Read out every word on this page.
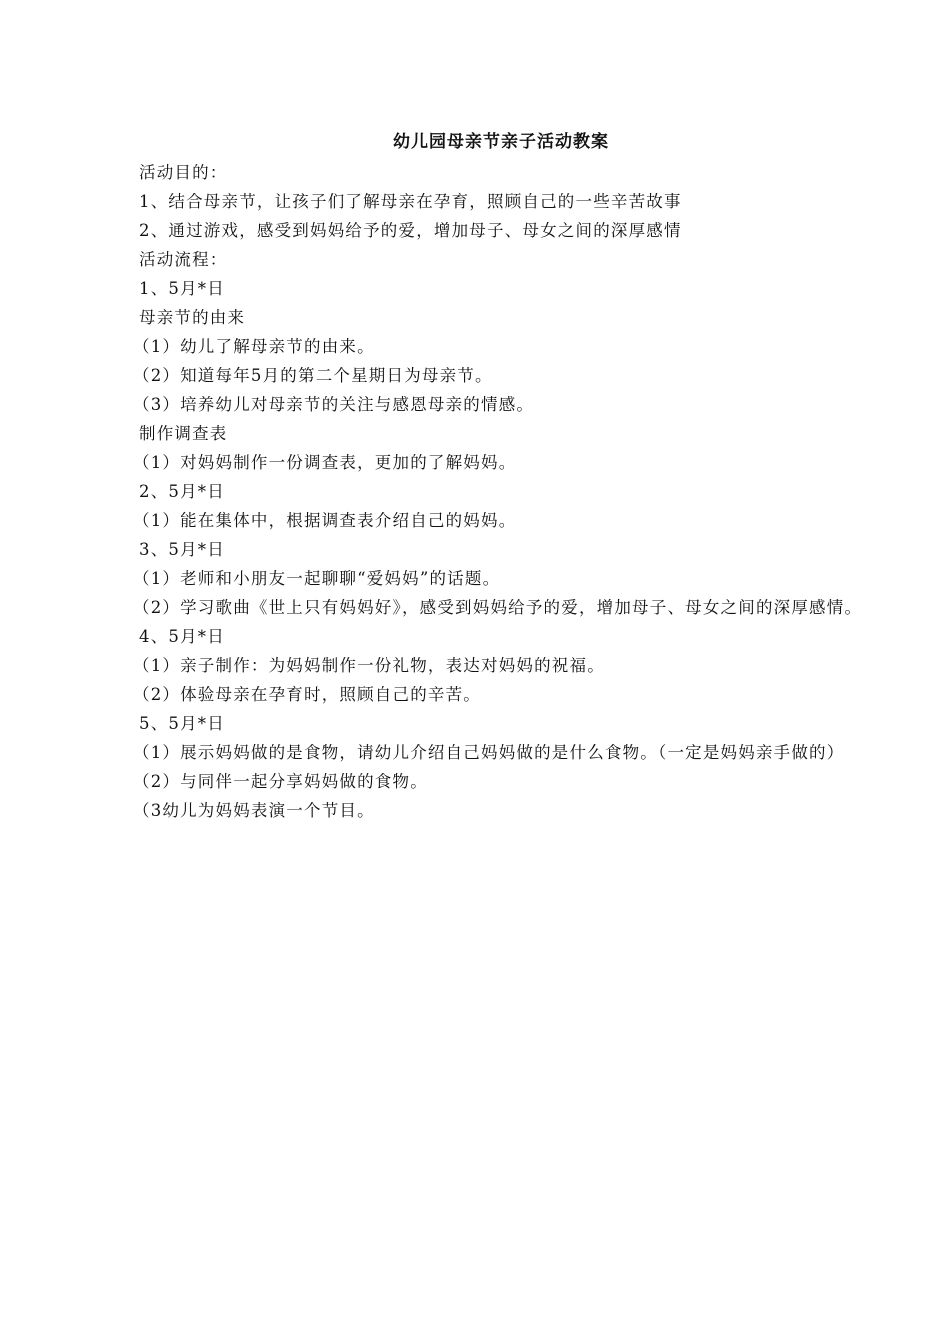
幼儿园母亲节亲子活动教案

活动目的：

1、结合母亲节，让孩子们了解母亲在孕育，照顾自己的一些辛苦故事

2、通过游戏，感受到妈妈给予的爱，增加母子、母女之间的深厚感情

活动流程：

1、5月*日

母亲节的由来

（1）幼儿了解母亲节的由来。

（2）知道每年5月的第二个星期日为母亲节。

（3）培养幼儿对母亲节的关注与感恩母亲的情感。

制作调查表

（1）对妈妈制作一份调查表，更加的了解妈妈。

2、5月*日

（1）能在集体中，根据调查表介绍自己的妈妈。

3、5月*日

（1）老师和小朋友一起聊聊“爱妈妈”的话题。

（2）学习歌曲《世上只有妈妈好》，感受到妈妈给予的爱，增加母子、母女之间的深厚感情。

4、5月*日

（1）亲子制作：为妈妈制作一份礼物，表达对妈妈的祝福。

（2）体验母亲在孕育时，照顾自己的辛苦。

5、5月*日

（1）展示妈妈做的是食物，请幼儿介绍自己妈妈做的是什么食物。（一定是妈妈亲手做的）

（2）与同伴一起分享妈妈做的食物。

（3幼儿为妈妈表演一个节目。
